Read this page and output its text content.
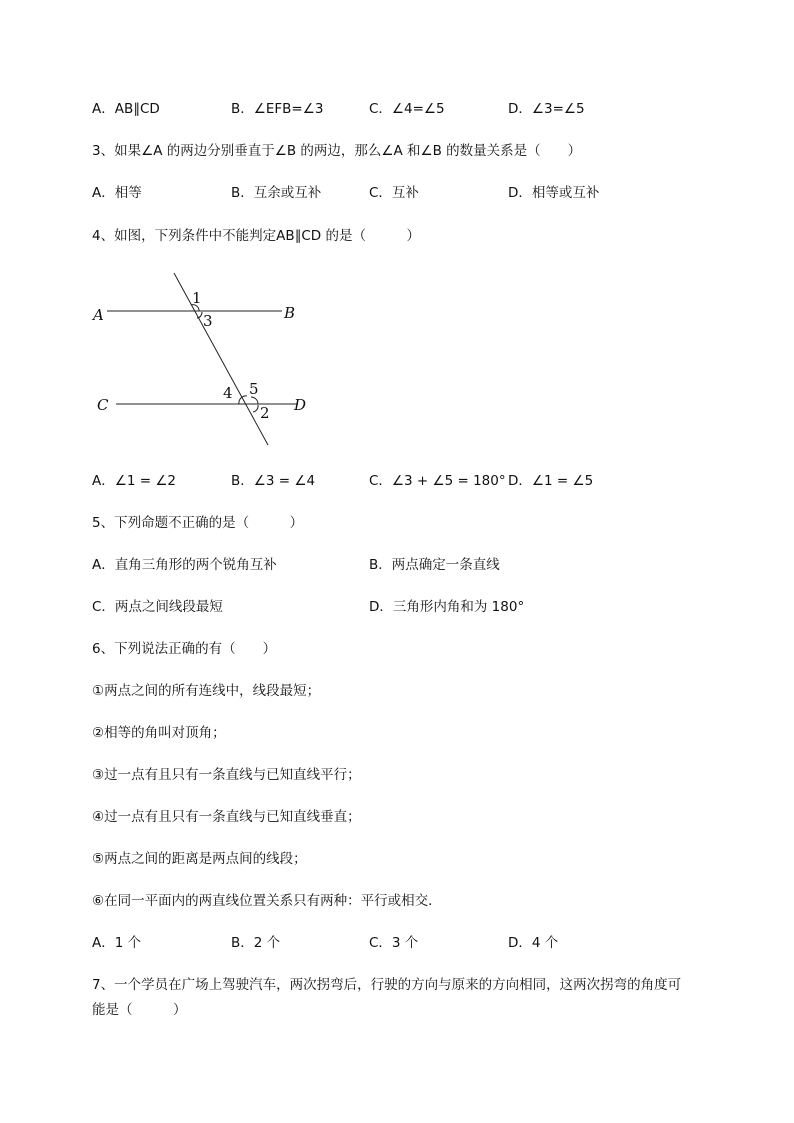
A．AB∥CD	B．∠EFB=∠3	C．∠4=∠5	D．∠3=∠5
3、如果∠A 的两边分别垂直于∠B 的两边，那么∠A 和∠B 的数量关系是（　　）
A．相等	B．互余或互补	C．互补	D．相等或互补
4、如图，下列条件中不能判定AB∥CD 的是（　　　）
A	B
C	D
1
3
4 5
2
A．∠1 = ∠2	B．∠3 = ∠4	C．∠3 + ∠5 = 180° D．∠1 = ∠5
5、下列命题不正确的是（　　　）
A．直角三角形的两个锐角互补	B．两点确定一条直线
C．两点之间线段最短	D．三角形内角和为 180°
6、下列说法正确的有（　　）
①两点之间的所有连线中，线段最短；
②相等的角叫对顶角；
③过一点有且只有一条直线与已知直线平行；
④过一点有且只有一条直线与已知直线垂直；
⑤两点之间的距离是两点间的线段；
⑥在同一平面内的两直线位置关系只有两种：平行或相交．
A．1 个	B．2 个	C．3 个	D．4 个
7、一个学员在广场上驾驶汽车，两次拐弯后，行驶的方向与原来的方向相同，这两次拐弯的角度可
能是（　　　）
